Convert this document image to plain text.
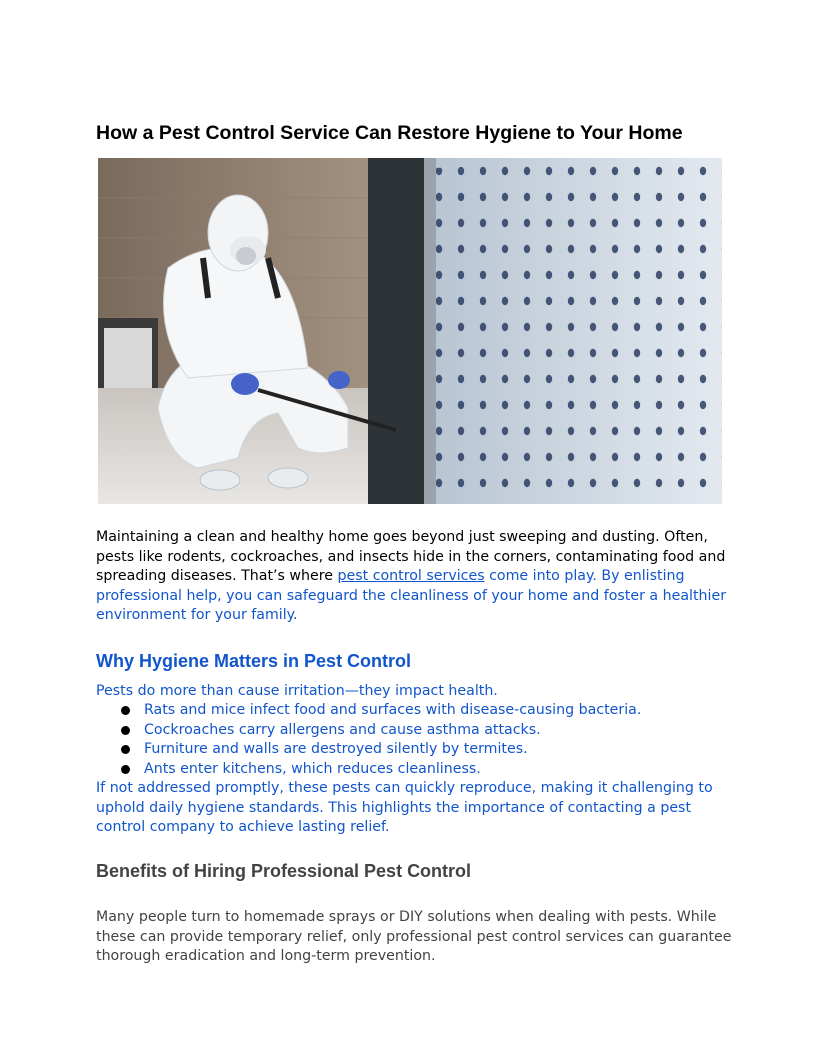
How a Pest Control Service Can Restore Hygiene to Your Home

Maintaining a clean and healthy home goes beyond just sweeping and dusting. Often, pests like rodents, cockroaches, and insects hide in the corners, contaminating food and spreading diseases. That’s where pest control services come into play. By enlisting professional help, you can safeguard the cleanliness of your home and foster a healthier environment for your family.

Why Hygiene Matters in Pest Control

Pests do more than cause irritation—they impact health.

Rats and mice infect food and surfaces with disease-causing bacteria.
Cockroaches carry allergens and cause asthma attacks.
Furniture and walls are destroyed silently by termites.
Ants enter kitchens, which reduces cleanliness.

If not addressed promptly, these pests can quickly reproduce, making it challenging to uphold daily hygiene standards. This highlights the importance of contacting a pest control company to achieve lasting relief.

Benefits of Hiring Professional Pest Control

Many people turn to homemade sprays or DIY solutions when dealing with pests. While these can provide temporary relief, only professional pest control services can guarantee thorough eradication and long-term prevention.
